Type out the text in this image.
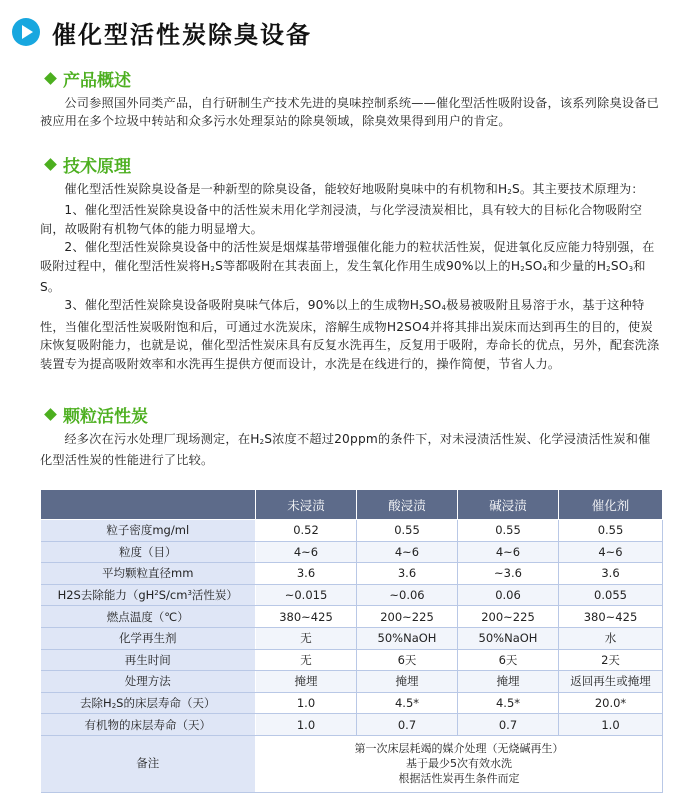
催化型活性炭除臭设备
产品概述

公司参照国外同类产品，自行研制生产技术先进的臭味控制系统——催化型活性吸附设备，该系列除臭设备已被应用在多个垃圾中转站和众多污水处理泵站的除臭领域，除臭效果得到用户的肯定。

技术原理

催化型活性炭除臭设备是一种新型的除臭设备，能较好地吸附臭味中的有机物和H2S。其主要技术原理为：

1、催化型活性炭除臭设备中的活性炭未用化学剂浸渍，与化学浸渍炭相比，具有较大的目标化合物吸附空间，故吸附有机物气体的能力明显增大。

2、催化型活性炭除臭设备中的活性炭是烟煤基带增强催化能力的粒状活性炭，促进氧化反应能力特别强，在吸附过程中，催化型活性炭将H2S等都吸附在其表面上，发生氧化作用生成90%以上的H2SO4和少量的H2SO3和S。

3、催化型活性炭除臭设备吸附臭味气体后，90%以上的生成物H2SO4极易被吸附且易溶于水，基于这种特性，当催化型活性炭吸附饱和后，可通过水洗炭床，溶解生成物H2SO4并将其排出炭床而达到再生的目的，使炭床恢复吸附能力，也就是说，催化型活性炭床具有反复水洗再生，反复用于吸附，寿命长的优点，另外，配套洗涤装置专为提高吸附效率和水洗再生提供方便而设计，水洗是在线进行的，操作简便，节省人力。

颗粒活性炭

经多次在污水处理厂现场测定，在H2S浓度不超过20ppm的条件下，对未浸渍活性炭、化学浸渍活性炭和催化型活性炭的性能进行了比较。

	未浸渍	酸浸渍	碱浸渍	催化剂
粒子密度mg/ml	0.52	0.55	0.55	0.55
粒度（目）	4~6	4~6	4~6	4~6
平均颗粒直径mm	3.6	3.6	~3.6	3.6
H2S去除能力（$gH^2S/cm^3$活性炭）	~0.015	~0.06	0.06	0.055
燃点温度（℃）	380~425	200~225	200~225	380~425
化学再生剂	无	50%NaOH	50%NaOH	水
再生时间	无	6天	6天	2天
处理方法	掩埋	掩埋	掩埋	返回再生或掩埋
去除H2S的床层寿命（天）	1.0	4.5*	4.5*	20.0*
有机物的床层寿命（天）	1.0	0.7	0.7	1.0
备注	第一次床层耗竭的媒介处理（无烧碱再生）
基于最少5次有效水洗
根据活性炭再生条件而定			
